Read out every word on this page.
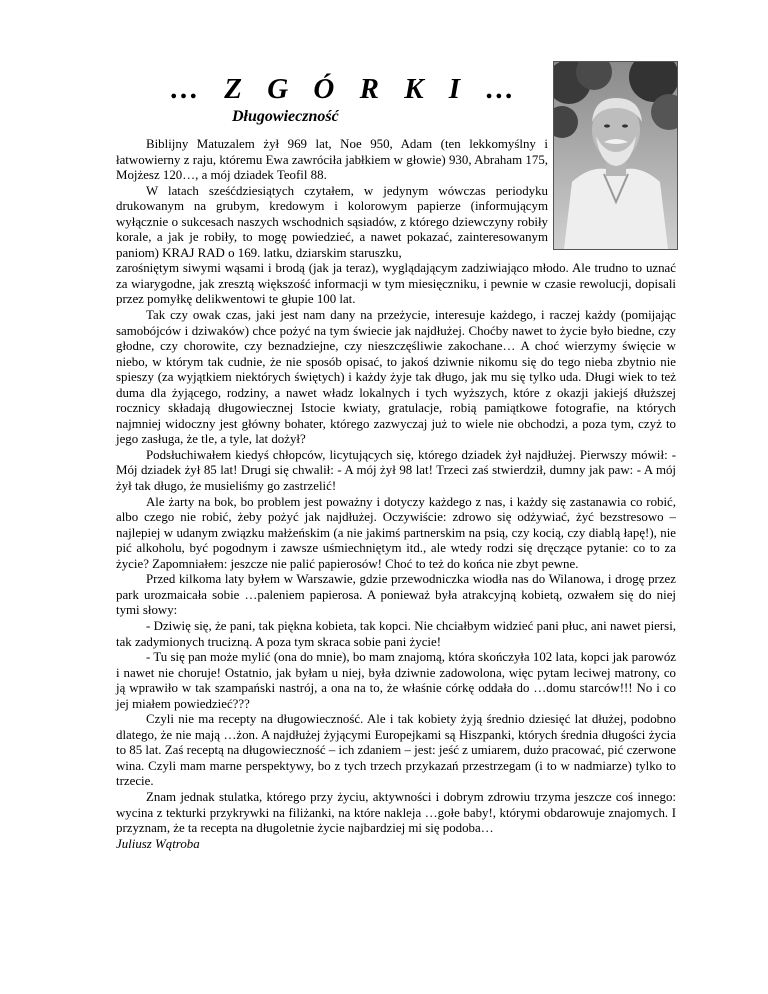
… Z G Ó R K I …
Długowieczność

Biblijny Matuzalem żył 969 lat, Noe 950, Adam (ten lekkomyślny i łatwowierny z raju, któremu Ewa zawróciła jabłkiem w głowie) 930, Abraham 175, Mojżesz 120…, a mój dziadek Teofil 88.

W latach sześćdziesiątych czytałem, w jedynym wówczas periodyku drukowanym na grubym, kredowym i kolorowym papierze (informującym wyłącznie o sukcesach naszych wschodnich sąsiadów, z którego dziewczyny robiły korale, a jak je robiły, to mogę powiedzieć, a nawet pokazać, zainteresowanym paniom) KRAJ RAD o 169. latku, dziarskim staruszku,

zarośniętym siwymi wąsami i brodą (jak ja teraz), wyglądającym zadziwiająco młodo. Ale trudno to uznać za wiarygodne, jak zresztą większość informacji w tym miesięczniku, i pewnie w czasie rewolucji, dopisali przez pomyłkę delikwentowi te głupie 100 lat.

Tak czy owak czas, jaki jest nam dany na przeżycie, interesuje każdego, i raczej każdy (pomijając samobójców i dziwaków) chce pożyć na tym świecie jak najdłużej. Choćby nawet to życie było biedne, czy głodne, czy chorowite, czy beznadziejne, czy nieszczęśliwie zakochane… A choć wierzymy święcie w niebo, w którym tak cudnie, że nie sposób opisać, to jakoś dziwnie nikomu się do tego nieba zbytnio nie spieszy (za wyjątkiem niektórych świętych) i każdy żyje tak długo, jak mu się tylko uda. Długi wiek to też duma dla żyjącego, rodziny, a nawet władz lokalnych i tych wyższych, które z okazji jakiejś dłuższej rocznicy składają długowiecznej Istocie kwiaty, gratulacje, robią pamiątkowe fotografie, na których najmniej widoczny jest główny bohater, którego zazwyczaj już to wiele nie obchodzi, a poza tym, czyż to jego zasługa, że tle, a tyle, lat dożył?

Podsłuchiwałem kiedyś chłopców, licytujących się, którego dziadek żył najdłużej. Pierwszy mówił: - Mój dziadek żył 85 lat! Drugi się chwalił: - A mój żył 98 lat! Trzeci zaś stwierdził, dumny jak paw: - A mój żył tak długo, że musieliśmy go zastrzelić!

Ale żarty na bok, bo problem jest poważny i dotyczy każdego z nas, i każdy się zastanawia co robić, albo czego nie robić, żeby pożyć jak najdłużej. Oczywiście: zdrowo się odżywiać, żyć bezstresowo – najlepiej w udanym związku małżeńskim (a nie jakimś partnerskim na psią, czy kocią, czy diablą łapę!), nie pić alkoholu, być pogodnym i zawsze uśmiechniętym itd., ale wtedy rodzi się dręczące pytanie: co to za życie? Zapomniałem: jeszcze nie palić papierosów! Choć to też do końca nie zbyt pewne.

Przed kilkoma laty byłem w Warszawie, gdzie przewodniczka wiodła nas do Wilanowa, i drogę przez park urozmaicała sobie …paleniem papierosa. A ponieważ była atrakcyjną kobietą, ozwałem się do niej tymi słowy:

- Dziwię się, że pani, tak piękna kobieta, tak kopci. Nie chciałbym widzieć pani płuc, ani nawet piersi, tak zadymionych trucizną. A poza tym skraca sobie pani życie!

- Tu się pan może mylić (ona do mnie), bo mam znajomą, która skończyła 102 lata, kopci jak parowóz i nawet nie choruje! Ostatnio, jak byłam u niej, była dziwnie zadowolona, więc pytam leciwej matrony, co ją wprawiło w tak szampański nastrój, a ona na to, że właśnie córkę oddała do …domu starców!!! No i co jej miałem powiedzieć???

Czyli nie ma recepty na długowieczność. Ale i tak kobiety żyją średnio dziesięć lat dłużej, podobno dlatego, że nie mają …żon. A najdłużej żyjącymi Europejkami są Hiszpanki, których średnia długości życia to 85 lat. Zaś receptą na długowieczność – ich zdaniem – jest: jeść z umiarem, dużo pracować, pić czerwone wina. Czyli mam marne perspektywy, bo z tych trzech przykazań przestrzegam (i to w nadmiarze) tylko to trzecie.

Znam jednak stulatka, którego przy życiu, aktywności i dobrym zdrowiu trzyma jeszcze coś innego: wycina z tekturki przykrywki na filiżanki, na które nakleja …gołe baby!, którymi obdarowuje znajomych. I przyznam, że ta recepta na długoletnie życie najbardziej mi się podoba…

Juliusz Wątroba
